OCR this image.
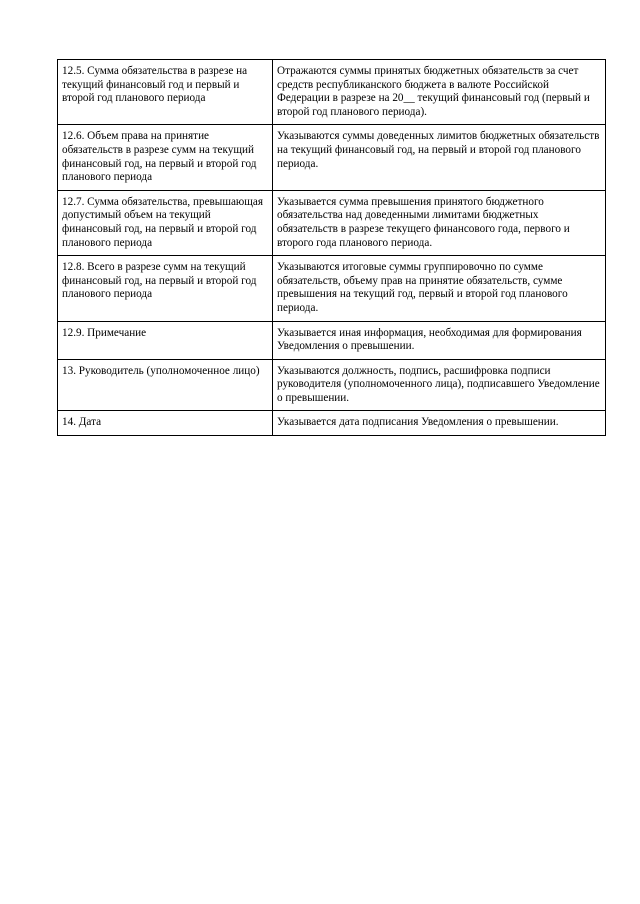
12.5. Сумма обязательства в разрезе на текущий финансовый год и первый и второй год планового периода	Отражаются суммы принятых бюджетных обязательств за счет средств республиканского бюджета в валюте Российской Федерации в разрезе на 20__ текущий финансовый год (первый и второй год планового периода).
12.6. Объем права на принятие обязательств в разрезе сумм на текущий финансовый год, на первый и второй год планового периода	Указываются суммы доведенных лимитов бюджетных обязательств на текущий финансовый год, на первый и второй год планового периода.
12.7. Сумма обязательства, превышающая допустимый объем на текущий финансовый год, на первый и второй год планового периода	Указывается сумма превышения принятого бюджетного обязательства над доведенными лимитами бюджетных обязательств в разрезе текущего финансового года, первого и второго года планового периода.
12.8. Всего в разрезе сумм на текущий финансовый год, на первый и второй год планового периода	Указываются итоговые суммы группировочно по сумме обязательств, объему прав на принятие обязательств, сумме превышения на текущий год, первый и второй год планового периода.
12.9. Примечание	Указывается иная информация, необходимая для формирования Уведомления о превышении.
13. Руководитель (уполномоченное лицо)	Указываются должность, подпись, расшифровка подписи руководителя (уполномоченного лица), подписавшего Уведомление о превышении.
14. Дата	Указывается дата подписания Уведомления о превышении.
